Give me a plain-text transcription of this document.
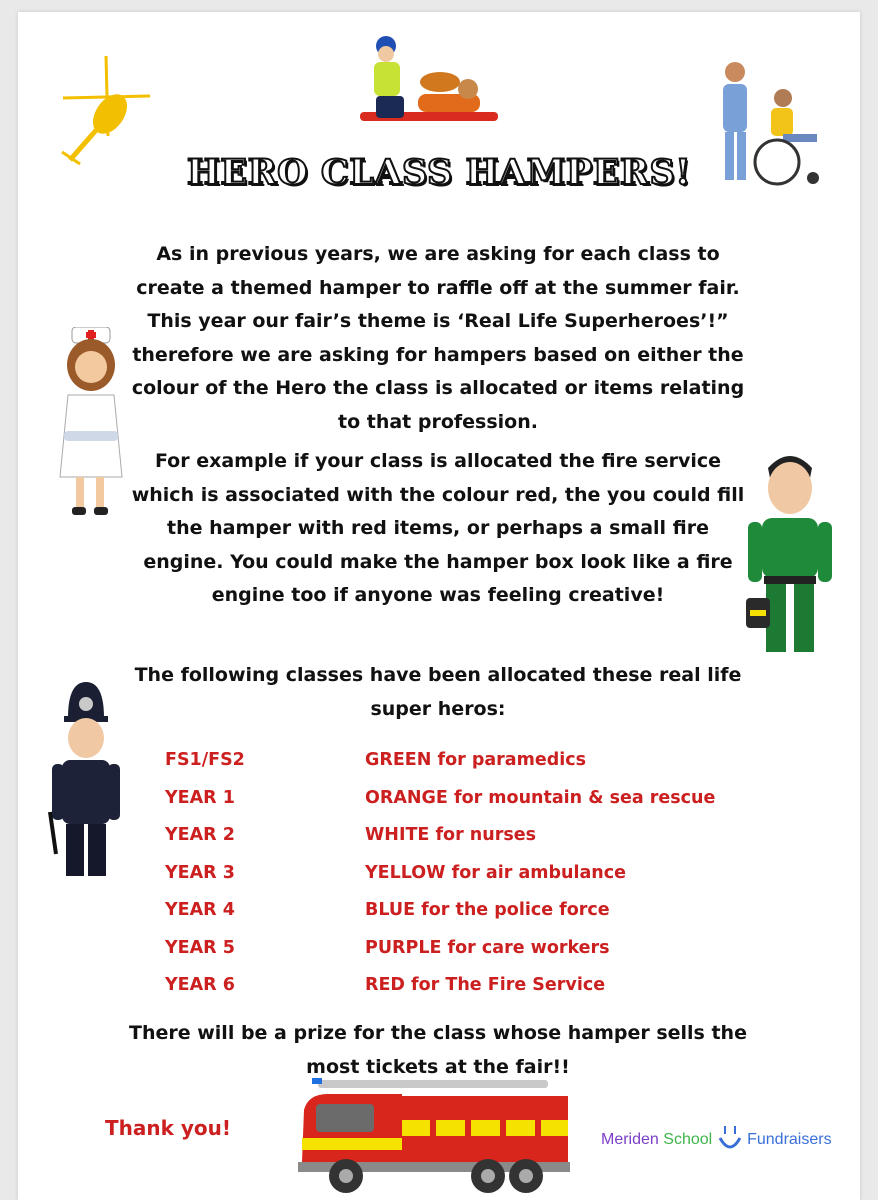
HERO CLASS HAMPERS!
As in previous years, we are asking for each class to
create a themed hamper to raffle off at the summer fair.
This year our fair’s theme is ‘Real Life Superheroes’!”
therefore we are asking for hampers based on either the
colour of the Hero the class is allocated or items relating
to that profession.
For example if your class is allocated the fire service
which is associated with the colour red, the you could fill
the hamper with red items, or perhaps a small fire
engine. You could make the hamper box look like a fire
engine too if anyone was feeling creative!
The following classes have been allocated these real life
super heros:
FS1/FS2	GREEN for paramedics
YEAR 1	ORANGE for mountain & sea rescue
YEAR 2	WHITE for nurses
YEAR 3	YELLOW for air ambulance
YEAR 4	BLUE for the police force
YEAR 5	PURPLE for care workers
YEAR 6	RED for The Fire Service
There will be a prize for the class whose hamper sells the
most tickets at the fair!!
Thank you!	Meriden School Fundraisers
